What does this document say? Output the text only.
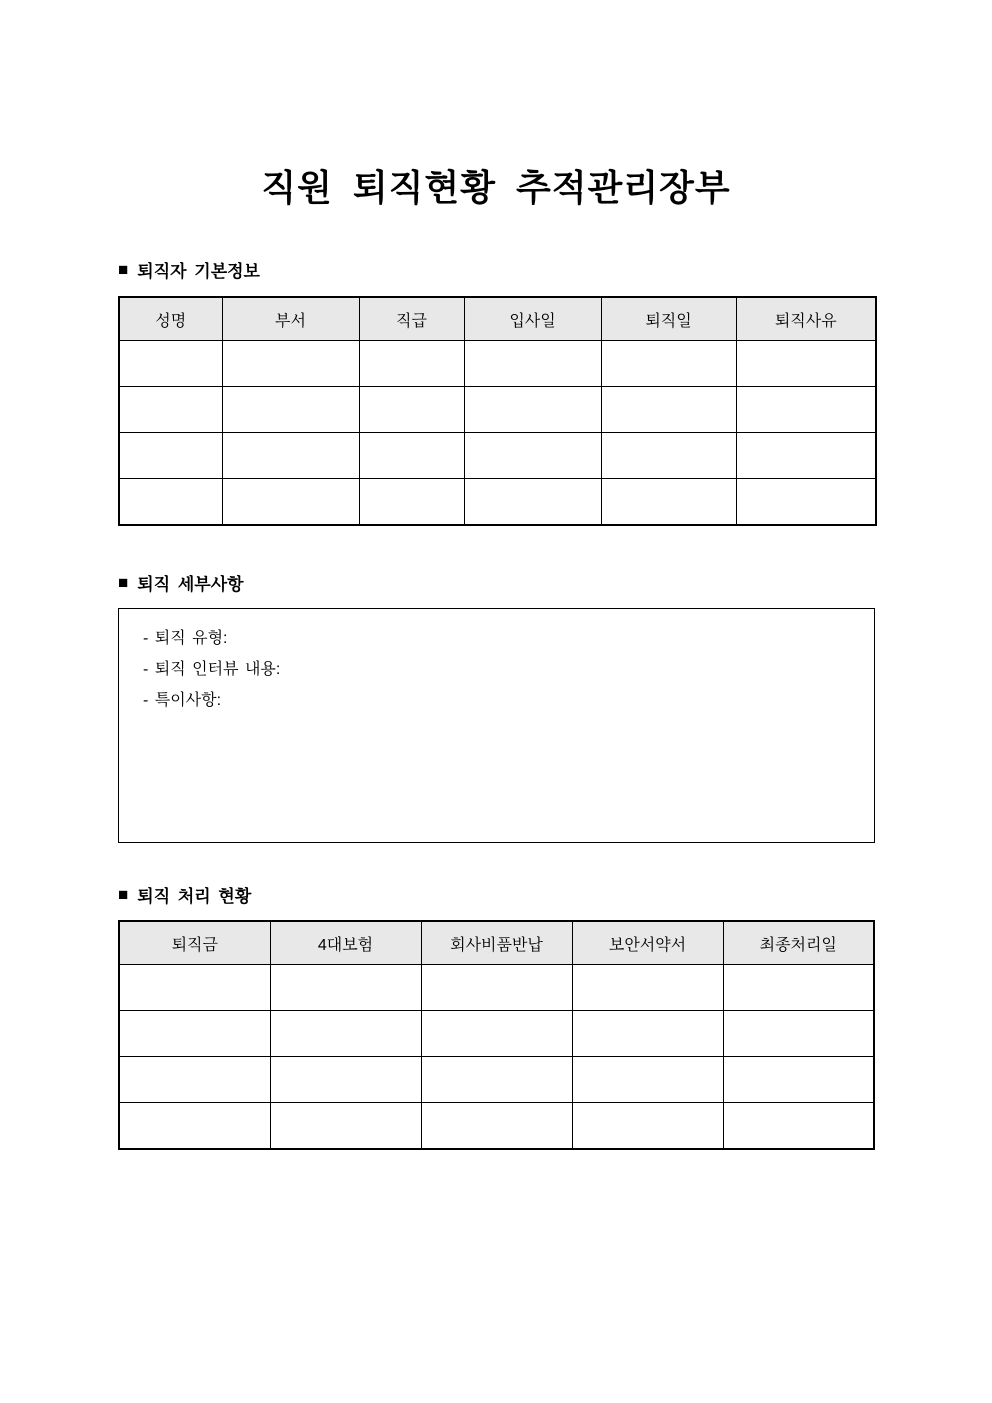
직원 퇴직현황 추적관리장부
■ 퇴직자 기본정보
성명	부서	직급	입사일	퇴직일	퇴직사유

■ 퇴직 세부사항

- 퇴직 유형:

- 퇴직 인터뷰 내용:

- 특이사항:

■ 퇴직 처리 현황
퇴직금	4대보험	회사비품반납	보안서약서	최종처리일
